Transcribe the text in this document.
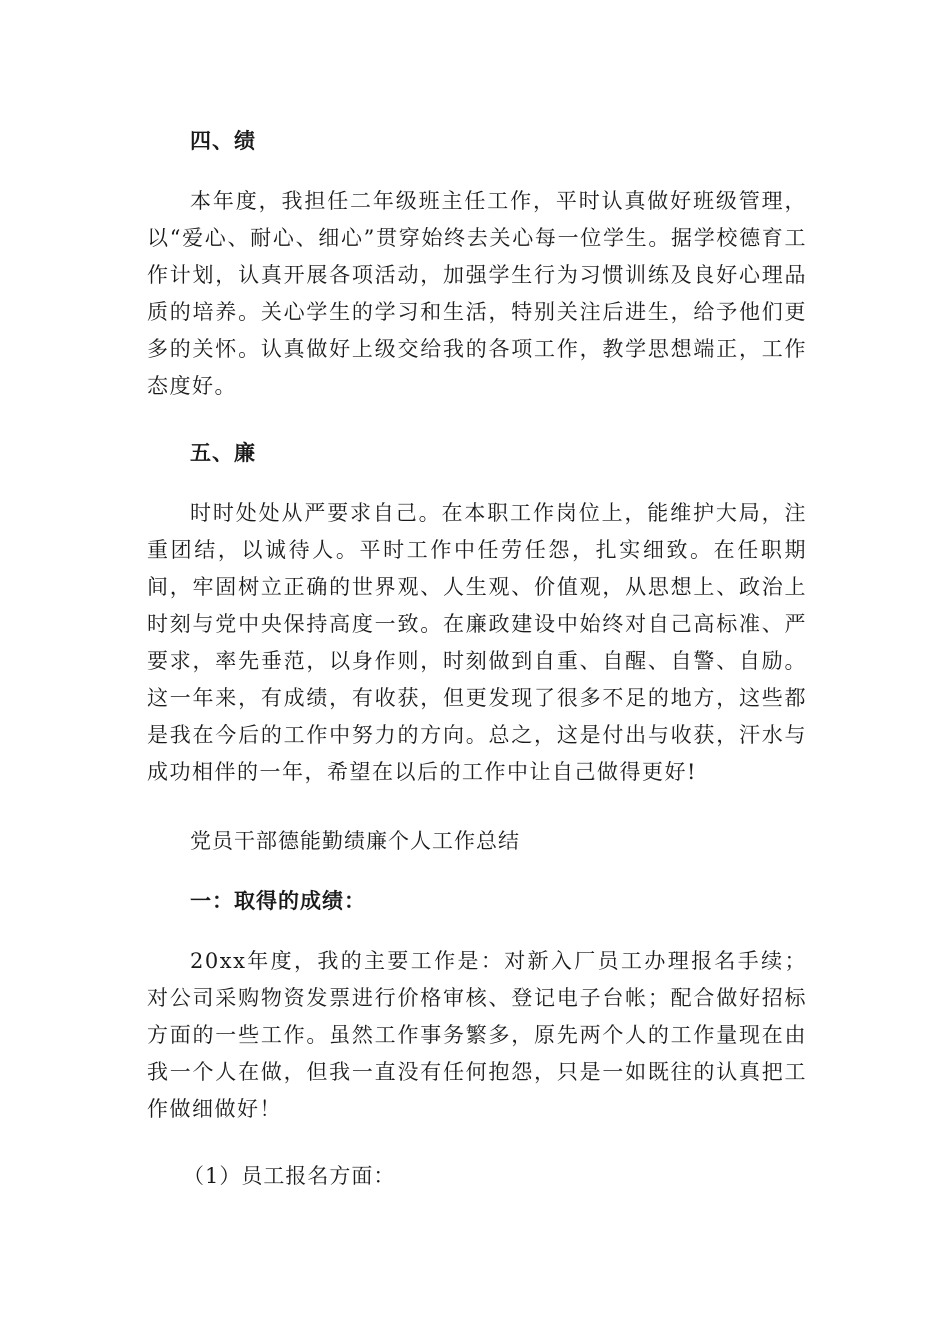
四、绩
本年度，我担任二年级班主任工作，平时认真做好班级管理，以“爱心、耐心、细心”贯穿始终去关心每一位学生。据学校德育工作计划，认真开展各项活动，加强学生行为习惯训练及良好心理品质的培养。关心学生的学习和生活，特别关注后进生，给予他们更多的关怀。认真做好上级交给我的各项工作，教学思想端正，工作态度好。
五、廉
时时处处从严要求自己。在本职工作岗位上，能维护大局，注重团结，以诚待人。平时工作中任劳任怨，扎实细致。在任职期间，牢固树立正确的世界观、人生观、价值观，从思想上、政治上时刻与党中央保持高度一致。在廉政建设中始终对自己高标准、严要求，率先垂范，以身作则，时刻做到自重、自醒、自警、自励。这一年来，有成绩，有收获，但更发现了很多不足的地方，这些都是我在今后的工作中努力的方向。总之，这是付出与收获，汗水与成功相伴的一年，希望在以后的工作中让自己做得更好!
党员干部德能勤绩廉个人工作总结
一：取得的成绩：
20xx年度，我的主要工作是：对新入厂员工办理报名手续；对公司采购物资发票进行价格审核、登记电子台帐；配合做好招标方面的一些工作。虽然工作事务繁多，原先两个人的工作量现在由我一个人在做，但我一直没有任何抱怨，只是一如既往的认真把工作做细做好！
（1）员工报名方面：
